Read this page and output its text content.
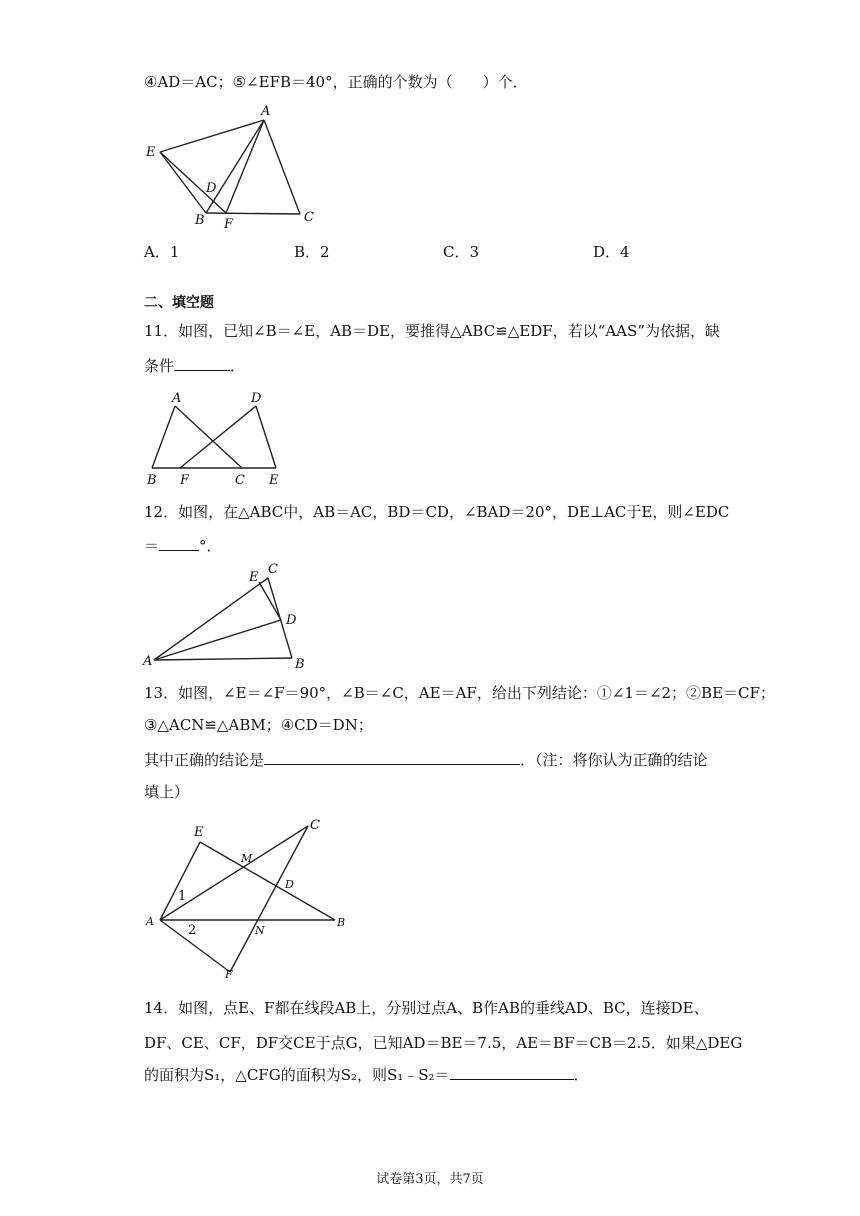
④AD＝AC；⑤∠EFB＝40°，正确的个数为（　　）个．
A
E
D
B F	C
A．1	B．2	C．3	D．4
二、填空题
11．如图，已知∠B＝∠E，AB＝DE，要推得△ABC≌△EDF，若以“AAS”为依据，缺
条件	．
A	D
B F	C E
12．如图，在△ABC中，AB＝AC，BD＝CD，∠BAD＝20°，DE⊥AC于E，则∠EDC
＝	°．
E
C
D
A	B
13．如图，∠E＝∠F＝90°，∠B＝∠C，AE＝AF，给出下列结论：①∠1＝∠2；②BE＝CF；
③△ACN≌△ABM；④CD＝DN；
其中正确的结论是	．（注：将你认为正确的结论
填上）
E	C
M
D
1
A
2	N
B
F
14．如图，点E、F都在线段AB上，分别过点A、B作AB的垂线AD、BC，连接DE、
DF、CE、CF，DF交CE于点G，已知AD＝BE＝7.5，AE＝BF＝CB＝2.5．如果△DEG
的面积为S₁，△CFG的面积为S₂，则S₁﹣S₂＝	．
试卷第3页，共7页
